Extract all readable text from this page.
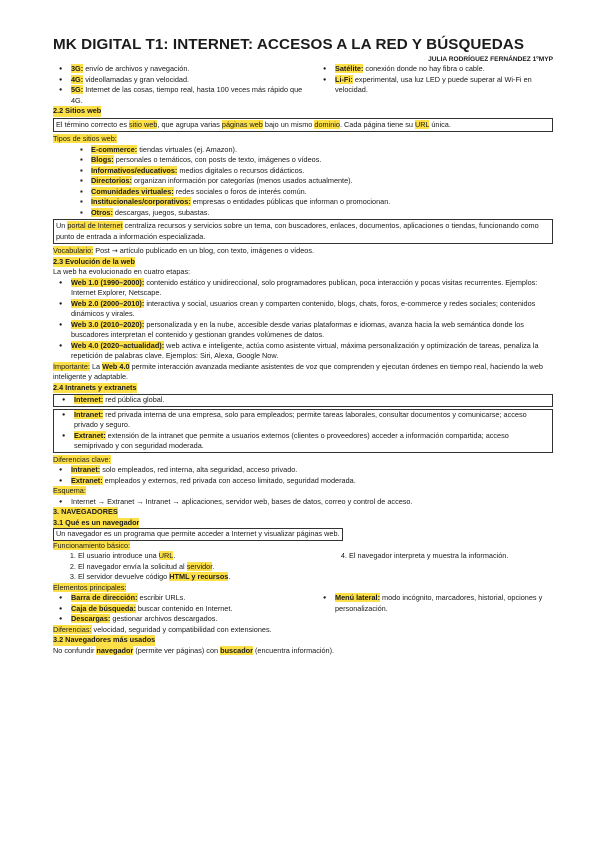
MK DIGITAL T1: INTERNET: ACCESOS A LA RED Y BÚSQUEDAS
JULIA RODRÍGUEZ FERNÁNDEZ 1ºMYP
● 3G: envío de archivos y navegación.
● 4G: videollamadas y gran velocidad.
● 5G: Internet de las cosas, tiempo real, hasta 100 veces más rápido que 4G.
● Satélite: conexión donde no hay fibra o cable.
● Li-Fi: experimental, usa luz LED y puede superar al Wi-Fi en velocidad.
2.2 Sitios web
El término correcto es sitio web, que agrupa varias páginas web bajo un mismo dominio. Cada página tiene su URL única.
Tipos de sitios web:
▪ E-commerce: tiendas virtuales (ej. Amazon).
▪ Blogs: personales o temáticos, con posts de texto, imágenes o vídeos.
▪ Informativos/educativos: medios digitales o recursos didácticos.
▪ Directorios: organizan información por categorías (menos usados actualmente).
▪ Comunidades virtuales: redes sociales o foros de interés común.
▪ Institucionales/corporativos: empresas o entidades públicas que informan o promocionan.
▪ Otros: descargas, juegos, subastas.
Un portal de Internet centraliza recursos y servicios sobre un tema, con buscadores, enlaces, documentos, aplicaciones o tiendas, funcionando como punto de entrada a información especializada.

Vocabulario: Post → artículo publicado en un blog, con texto, imágenes o vídeos.

2.3 Evolución de la web

La web ha evolucionado en cuatro etapas:

● Web 1.0 (1990–2000): contenido estático y unidireccional, solo programadores publican, poca interacción y pocas visitas recurrentes. Ejemplos: Internet Explorer, Netscape.
● Web 2.0 (2000–2010): interactiva y social, usuarios crean y comparten contenido, blogs, chats, foros, e-commerce y redes sociales; contenidos dinámicos y virales.
● Web 3.0 (2010–2020): personalizada y en la nube, accesible desde varias plataformas e idiomas, avanza hacia la web semántica donde los buscadores interpretan el contenido y gestionan grandes volúmenes de datos.
● Web 4.0 (2020–actualidad): web activa e inteligente, actúa como asistente virtual, máxima personalización y optimización de tareas, penaliza la repetición de palabras clave. Ejemplos: Siri, Alexa, Google Now.

Importante: La Web 4.0 permite interacción avanzada mediante asistentes de voz que comprenden y ejecutan órdenes en tiempo real, haciendo la web inteligente y adaptable.

2.4 Intranets y extranets
● Internet: red pública global.
● Intranet: red privada interna de una empresa, solo para empleados; permite tareas laborales, consultar documentos y comunicarse; acceso privado y seguro.
● Extranet: extensión de la intranet que permite a usuarios externos (clientes o proveedores) acceder a información compartida; acceso semiprivado y con seguridad moderada.
Diferencias clave:
● Intranet: solo empleados, red interna, alta seguridad, acceso privado.
● Extranet: empleados y externos, red privada con acceso limitado, seguridad moderada.
Esquema:
● Internet → Extranet → Intranet → aplicaciones, servidor web, bases de datos, correo y control de acceso.
3. NAVEGADORES
3.1 Qué es un navegador
Un navegador es un programa que permite acceder a Internet y visualizar páginas web.
Funcionamiento básico:
1. El usuario introduce una URL.
2. El navegador envía la solicitud al servidor.
3. El servidor devuelve código HTML y recursos.
4. El navegador interpreta y muestra la información.
Elementos principales:
● Barra de dirección: escribir URLs.
● Caja de búsqueda: buscar contenido en Internet.
● Descargas: gestionar archivos descargados.
● Menú lateral: modo incógnito, marcadores, historial, opciones y personalización.

Diferencias: velocidad, seguridad y compatibilidad con extensiones.

3.2 Navegadores más usados

No confundir navegador (permite ver páginas) con buscador (encuentra información).
